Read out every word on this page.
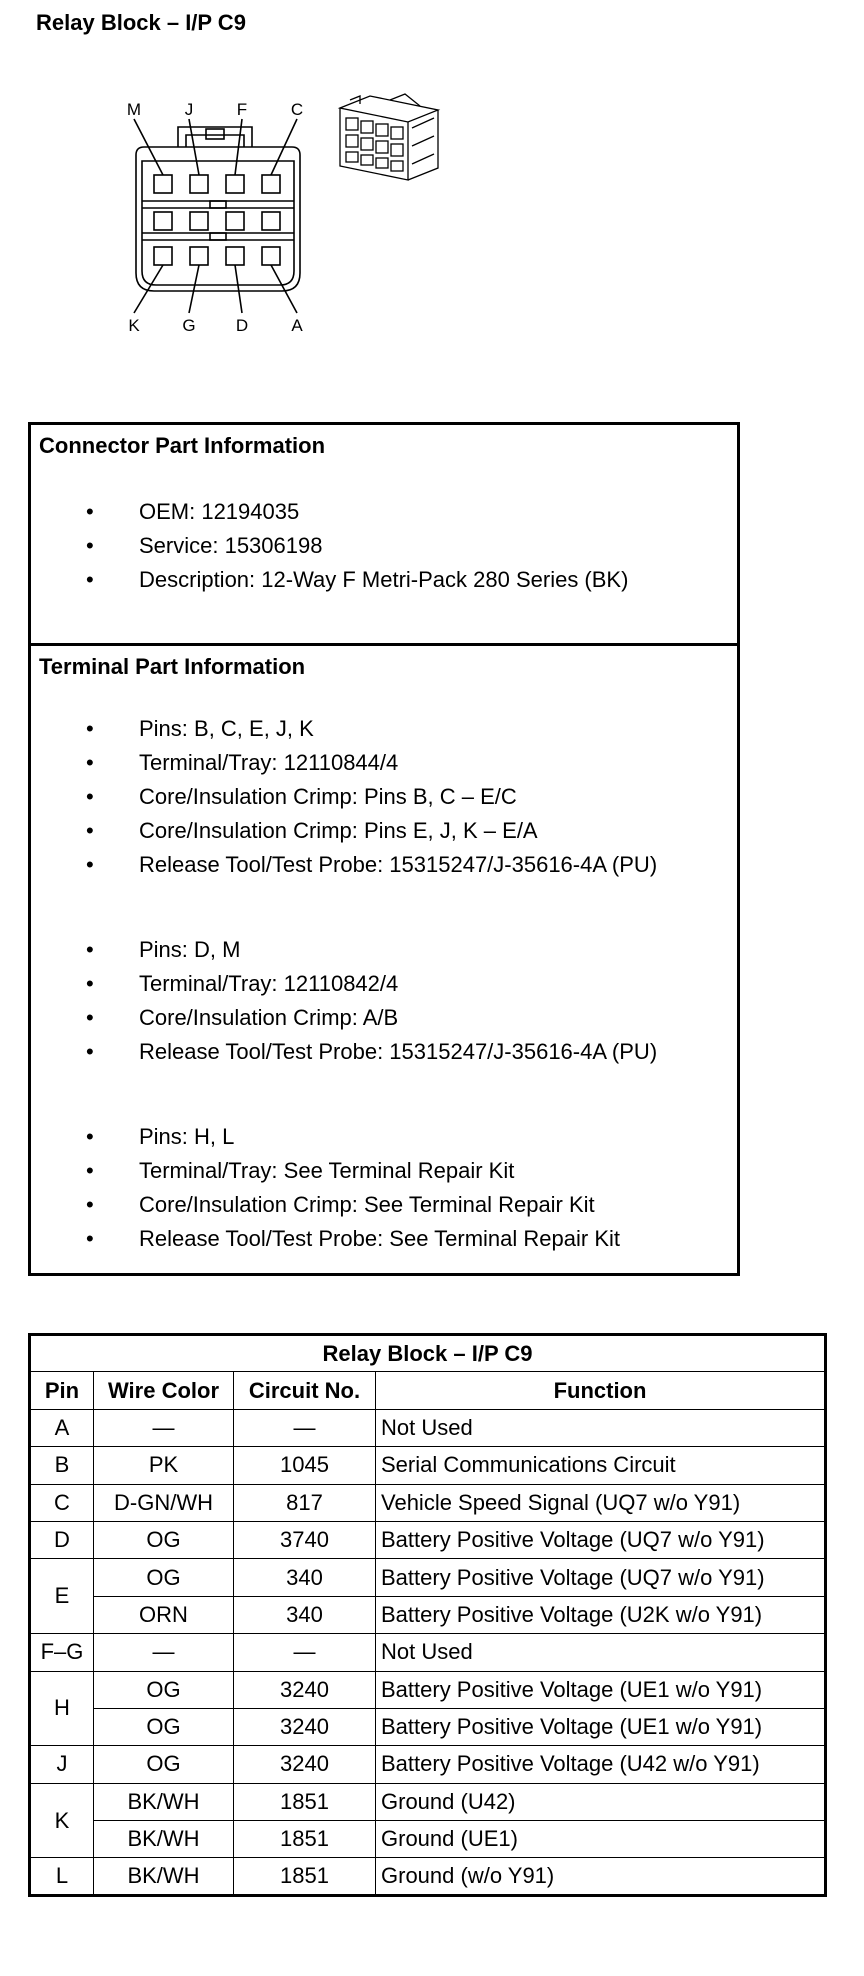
Relay Block – I/P C9
M	J	F	C
K	G D	A
Connector Part Information
• OEM: 12194035
• Service: 15306198
• Description: 12-Way F Metri-Pack 280 Series (BK)
Terminal Part Information
• Pins: B, C, E, J, K
• Terminal/Tray: 12110844/4
• Core/Insulation Crimp: Pins B, C – E/C
• Core/Insulation Crimp: Pins E, J, K – E/A
• Release Tool/Test Probe: 15315247/J-35616-4A (PU)
• Pins: D, M
• Terminal/Tray: 12110842/4
• Core/Insulation Crimp: A/B
• Release Tool/Test Probe: 15315247/J-35616-4A (PU)
• Pins: H, L
• Terminal/Tray: See Terminal Repair Kit
• Core/Insulation Crimp: See Terminal Repair Kit
• Release Tool/Test Probe: See Terminal Repair Kit
Relay Block – I/P C9			
Pin	Wire Color	Circuit No.	Function
A	—	—	Not Used
B	PK	1045	Serial Communications Circuit
C	D-GN/WH	817	Vehicle Speed Signal (UQ7 w/o Y91)
D	OG	3740	Battery Positive Voltage (UQ7 w/o Y91)
E	OG	340	Battery Positive Voltage (UQ7 w/o Y91)
	ORN	340	Battery Positive Voltage (U2K w/o Y91)
F–G	—	—	Not Used
H	OG	3240	Battery Positive Voltage (UE1 w/o Y91)
	OG	3240	Battery Positive Voltage (UE1 w/o Y91)
J	OG	3240	Battery Positive Voltage (U42 w/o Y91)
K	BK/WH	1851	Ground (U42)
	BK/WH	1851	Ground (UE1)
L	BK/WH	1851	Ground (w/o Y91)
